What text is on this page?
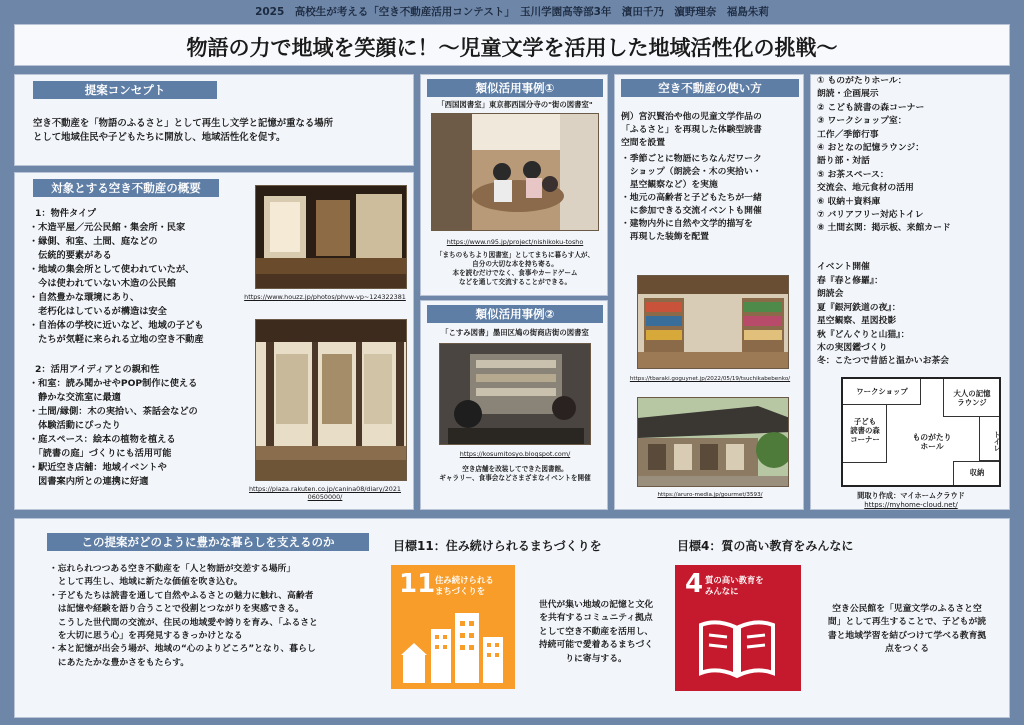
2025　高校生が考える「空き不動産活用コンテスト」　玉川学園高等部3年　濱田千乃　濵野理奈　福島朱莉
物語の力で地域を笑顔に！〜児童文学を活用した地域活性化の挑戦〜
提案コンセプト
空き不動産を「物語のふるさと」として再生し文学と記憶が重なる場所
として地域住民や子どもたちに開放し、地域活性化を促す。
対象とする空き不動産の概要
1：物件タイプ
・木造平屋／元公民館・集会所・民家
・縁側、和室、土間、庭などの
　伝統的要素がある
・地域の集会所として使われていたが、
　今は使われていない木造の公民館
・自然豊かな環境にあり、
　老朽化はしているが構造は安全
・自治体の学校に近いなど、地域の子ども
　たちが気軽に来られる立地の空き不動産
2：活用アイディアとの親和性
・和室：読み聞かせやPOP制作に使える
　静かな交流室に最適
・土間/縁側：木の実拾い、茶話会などの
　体験活動にぴったり
・庭スペース：絵本の植物を植える
　「読書の庭」づくりにも活用可能
・駅近空き店舗：地域イベントや
　図書案内所との連携に好適
https://www.houzz.jp/photos/phvw-vp~124322381
https://plaza.rakuten.co.jp/canina08/diary/2021
06050000/
類似活用事例①
「西国図書室」東京都西国分寺の"街の図書室"
https://www.n95.jp/project/nishikoku-tosho
「まちのもちより図書室」としてまちに暮らす人が、
自分の大切な本を持ち寄る。
本を読むだけでなく、食事やカードゲーム
などを通して交流することができる。
類似活用事例②
「こすみ図書」墨田区鳩の街商店街の図書室
https://kosumitosyo.blogspot.com/
空き店舗を改装してできた図書館。
ギャラリー、食事会などさまざまなイベントを開催
空き不動産の使い方
例）宮沢賢治や他の児童文学作品の
「ふるさと」を再現した体験型読書
空間を設置
・季節ごとに物語にちなんだワーク
　ショップ（朗読会・木の実拾い・
　星空観察など）を実施
・地元の高齢者と子どもたちが一緒
　に参加できる交流イベントも開催
・建物内外に自然や文学的描写を
　再現した装飾を配置
https://tbaraki.goguynet.jp/2022/05/19/tsuchikabebenko/
https://aruro-media.jp/gourmet/3593/
① ものがたりホール：
朗読・企画展示
② こども読書の森コーナー
③ ワークショップ室：
工作／季節行事
④ おとなの記憶ラウンジ：
語り部・対話
⑤ お茶スペース：
交流会、地元食材の活用
⑥ 収納＋資料庫
⑦ バリアフリー対応トイレ
⑧ 土間玄関：掲示板、来館カード
イベント開催
春『春と修羅』：
朗読会
夏『銀河鉄道の夜』：
星空観察、星図投影
秋『どんぐりと山猫』：
木の実図鑑づくり
冬：こたつで昔話と温かいお茶会
ワークショップ	大人の記憶
ラウンジ
子ども
読書の森
コーナー	ものがたり
ホール	トイレ
収納
間取り作成：マイホームクラウド
https://myhome-cloud.net/
この提案がどのように豊かな暮らしを支えるのか
・忘れられつつある空き不動産を「人と物語が交差する場所」
　として再生し、地域に新たな価値を吹き込む。
・子どもたちは読書を通して自然やふるさとの魅力に触れ、高齢者
　は記憶や経験を語り合うことで役割とつながりを実感できる。
　こうした世代間の交流が、住民の地域愛や誇りを育み、「ふるさと
　を大切に思う心」を再発見するきっかけとなる
・本と記憶が出会う場が、地域の“心のよりどころ”となり、暮らし
　にあたたかな豊かさをもたらす。
目標11：住み続けられるまちづくりを
11 住み続けられる
まちづくりを
世代が集い地域の記憶と文化
を共有するコミュニティ拠点
として空き不動産を活用し、
持続可能で愛着あるまちづく
りに寄与する。
目標4：質の高い教育をみんなに
4 質の高い教育を
みんなに
空き公民館を「児童文学のふるさと空
間」として再生することで、子どもが読
書と地域学習を結びつけて学べる教育拠
点をつくる
